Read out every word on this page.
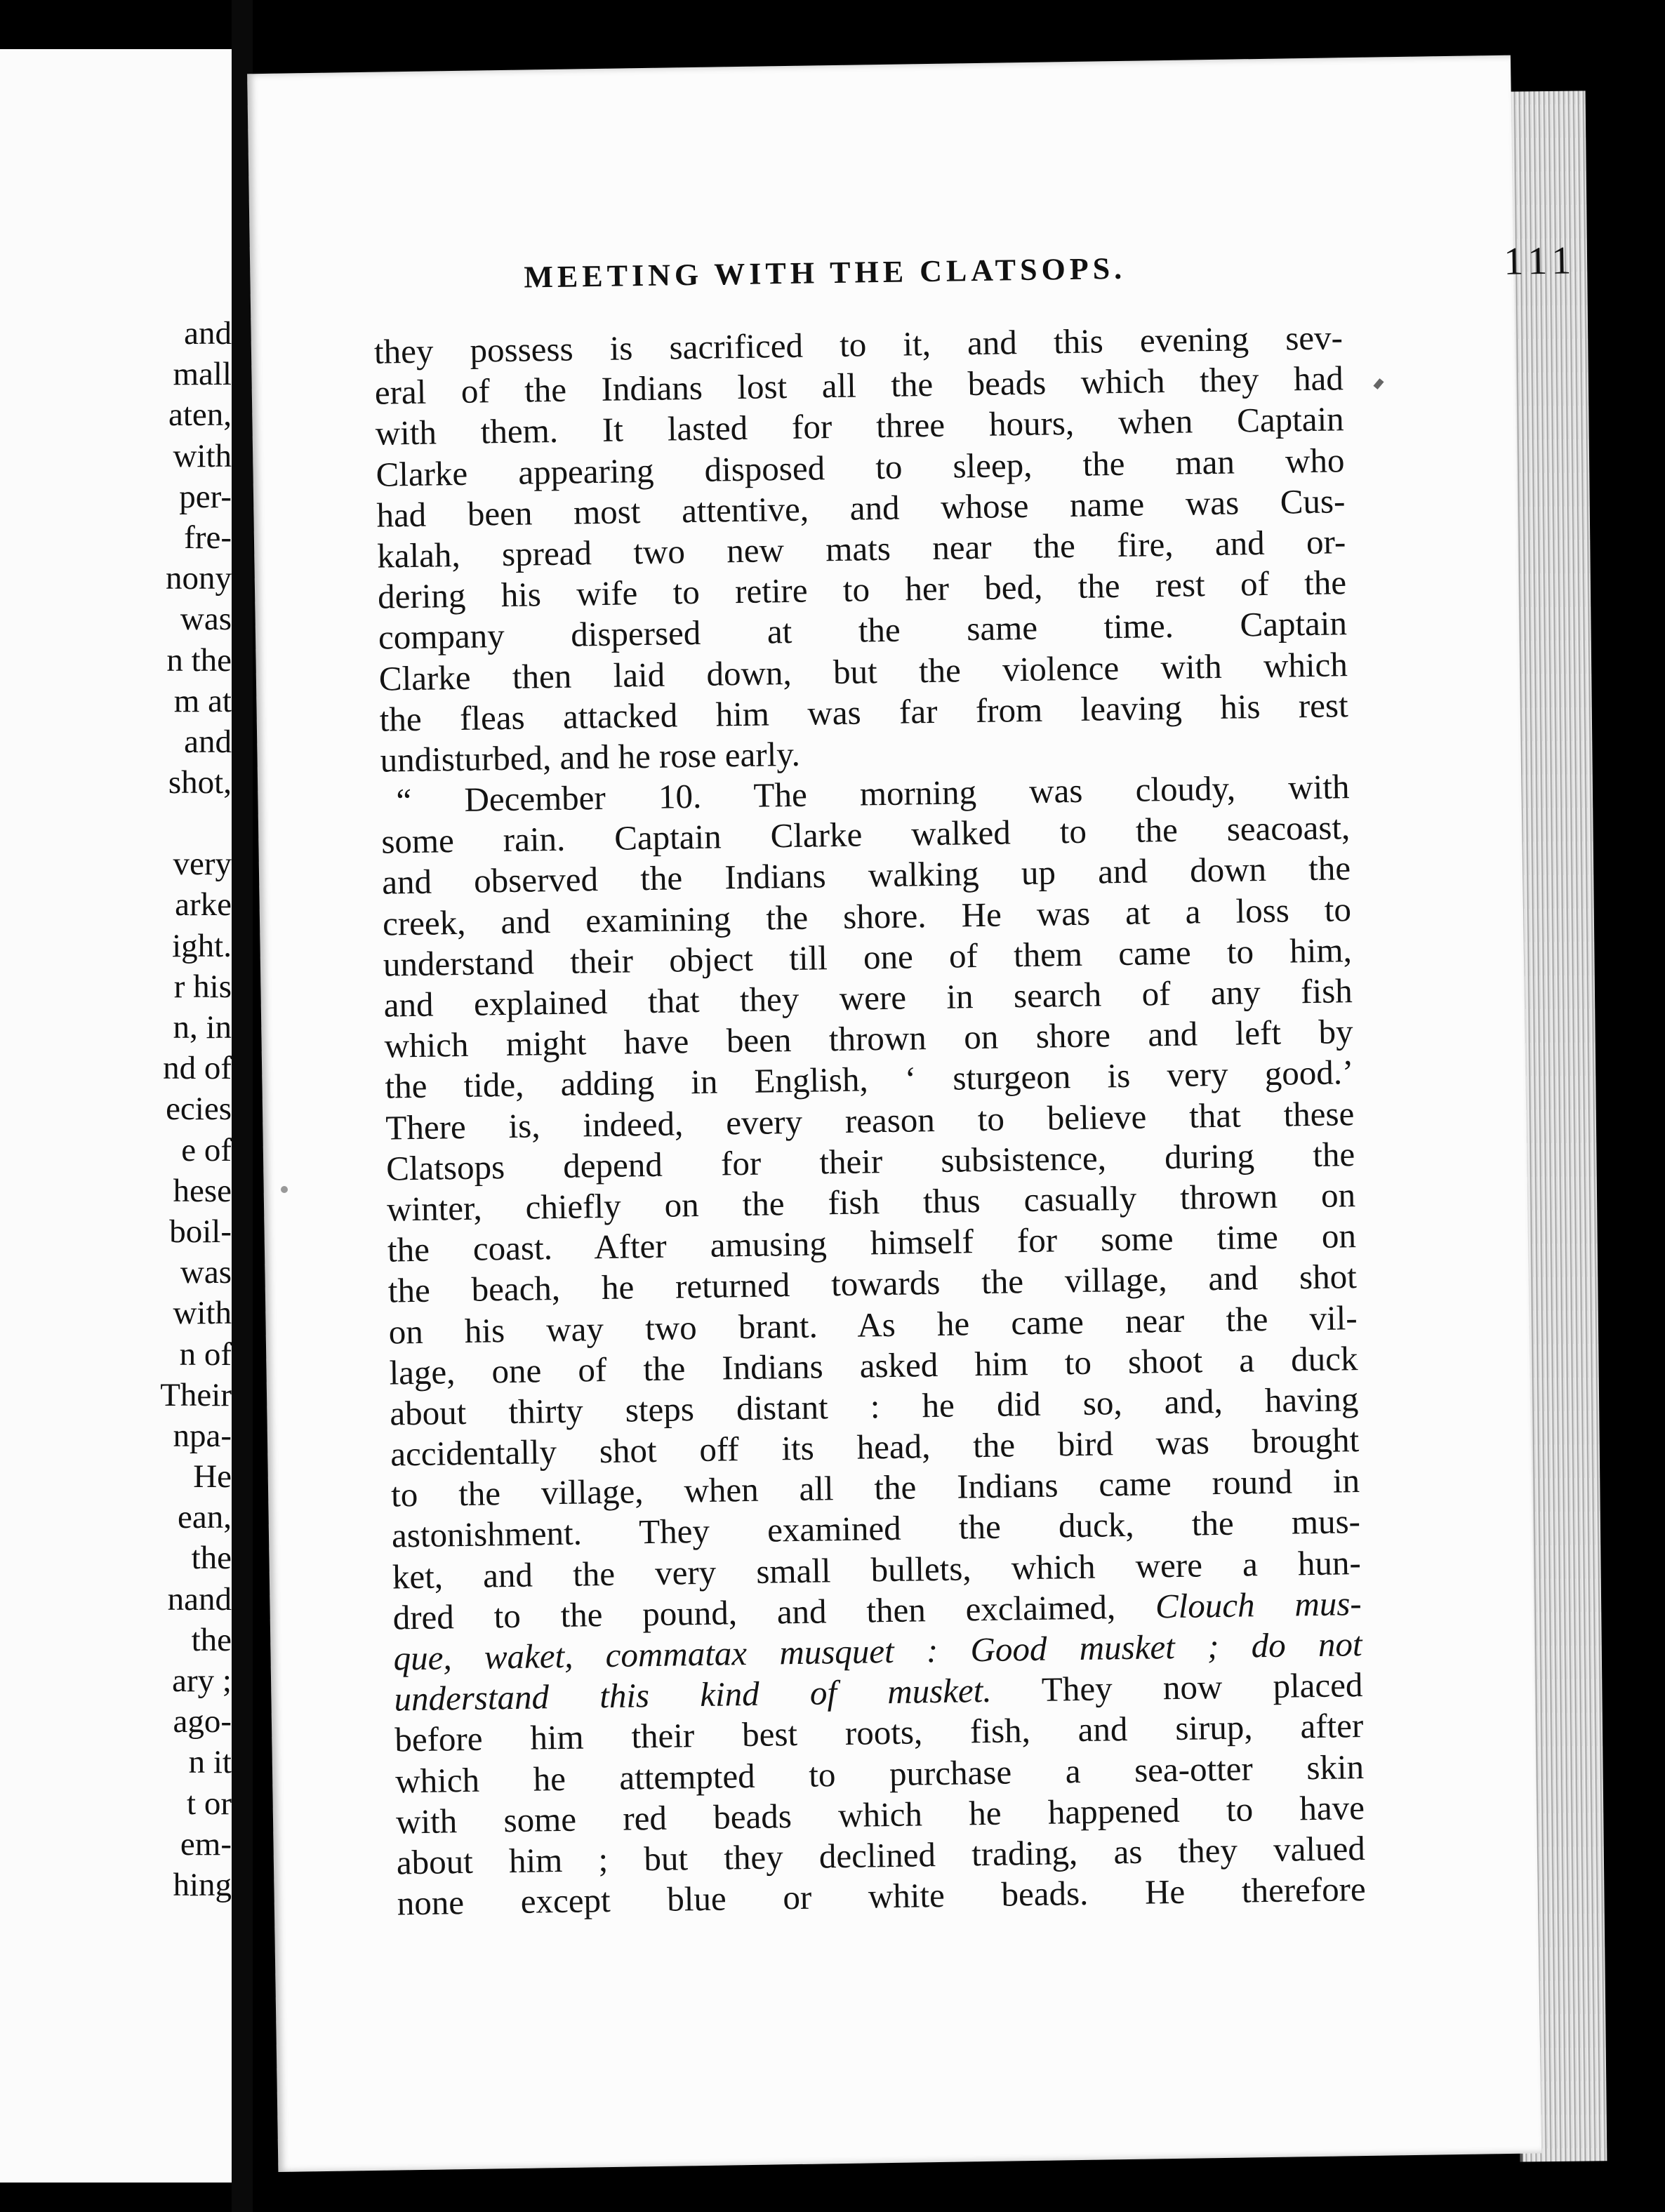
and
mall
aten,
with
per-
fre-
nony
was
n the
m at
and
shot,
very
arke
ight.
r his
n, in
nd of
ecies
e of
hese
boil-
was
with
n of
Their
npa-
He
ean,
the
nand
the
ary ;
ago-
n it
t or
em-
hing
MEETING WITH THE CLATSOPS.	111
they possess is sacrificed to it, and this evening sev-
eral of the Indians lost all the beads which they had
with them. It lasted for three hours, when Captain
Clarke appearing disposed to sleep, the man who
had been most attentive, and whose name was Cus-
kalah, spread two new mats near the fire, and or-
dering his wife to retire to her bed, the rest of the
company dispersed at the same time. Captain
Clarke then laid down, but the violence with which
the fleas attacked him was far from leaving his rest
undisturbed, and he rose early.
“ December 10. The morning was cloudy, with
some rain. Captain Clarke walked to the seacoast,
and observed the Indians walking up and down the
creek, and examining the shore. He was at a loss to
understand their object till one of them came to him,
and explained that they were in search of any fish
which might have been thrown on shore and left by
the tide, adding in English, ‘ sturgeon is very good.’
There is, indeed, every reason to believe that these
Clatsops depend for their subsistence, during the
winter, chiefly on the fish thus casually thrown on
the coast. After amusing himself for some time on
the beach, he returned towards the village, and shot
on his way two brant. As he came near the vil-
lage, one of the Indians asked him to shoot a duck
about thirty steps distant : he did so, and, having
accidentally shot off its head, the bird was brought
to the village, when all the Indians came round in
astonishment. They examined the duck, the mus-
ket, and the very small bullets, which were a hun-
dred to the pound, and then exclaimed, Clouch mus-
que, waket, commatax musquet : Good musket ; do not
understand this kind of musket. They now placed
before him their best roots, fish, and sirup, after
which he attempted to purchase a sea-otter skin
with some red beads which he happened to have
about him ; but they declined trading, as they valued
none except blue or white beads. He therefore
